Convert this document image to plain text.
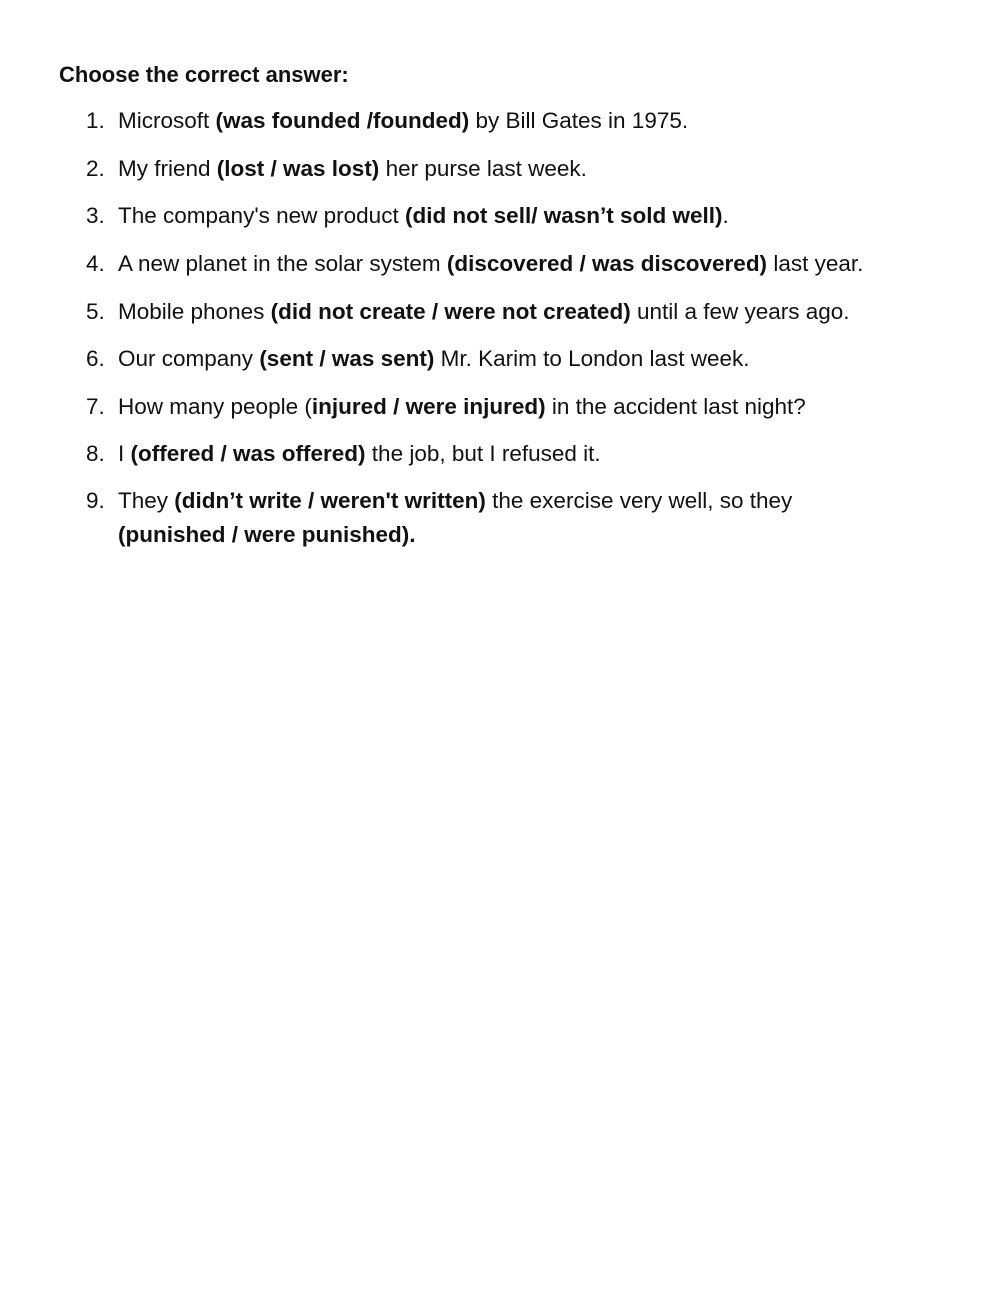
Choose the correct answer:
1. Microsoft (was founded /founded) by Bill Gates in 1975.
2. My friend (lost / was lost) her purse last week.
3. The company's new product (did not sell/ wasn’t sold well).
4. A new planet in the solar system (discovered / was discovered) last year.
5. Mobile phones (did not create / were not created) until a few years ago.
6. Our company (sent / was sent) Mr. Karim to London last week.
7. How many people (injured / were injured) in the accident last night?
8. I (offered / was offered) the job, but I refused it.
9. They (didn’t write / weren't written) the exercise very well, so they
(punished / were punished).
